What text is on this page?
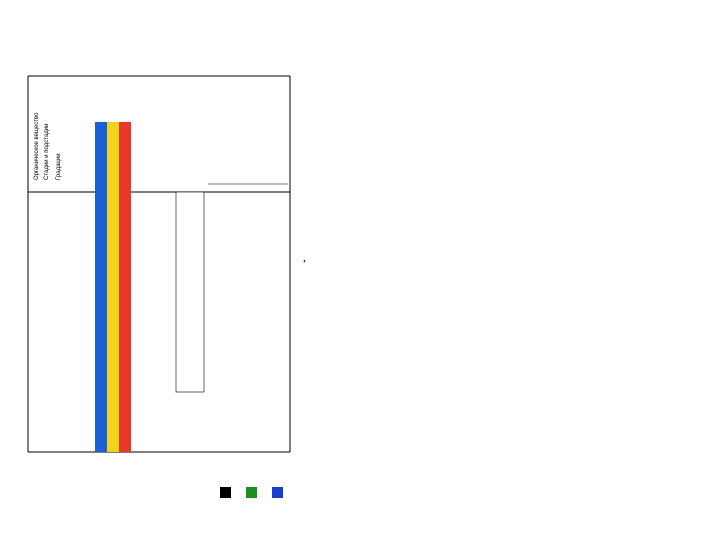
Органическое вещество Стадии и подстадии Градации
,
